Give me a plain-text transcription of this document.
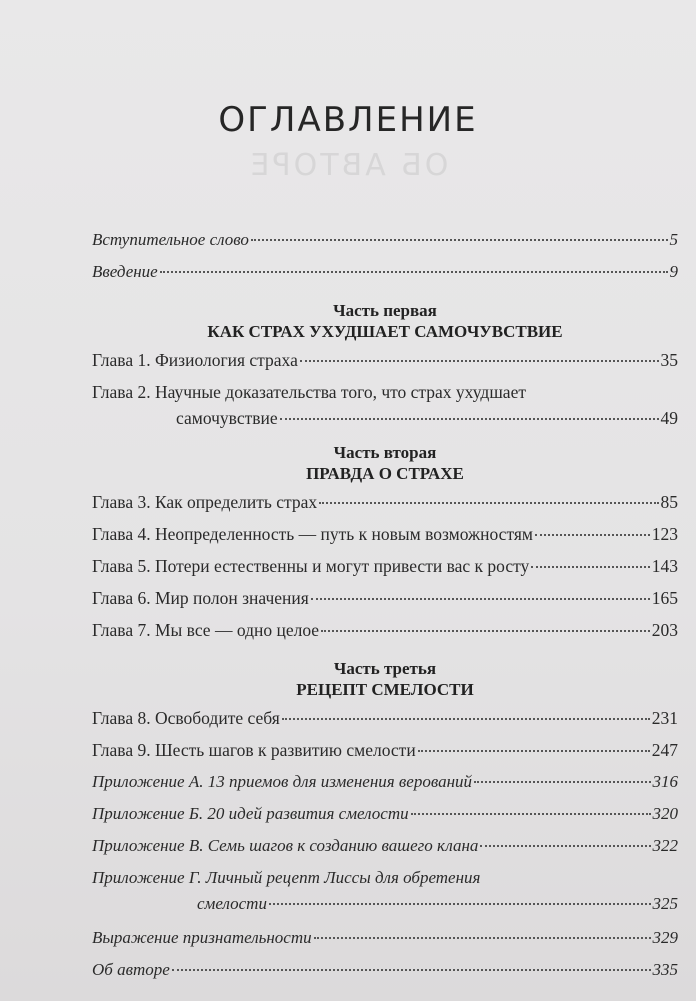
ОБ АВТОРЕ
ОГЛАВЛЕНИЕ
Вступительное слово	5
Введение	9
Часть первая
КАК СТРАХ УХУДШАЕТ САМОЧУВСТВИЕ
Глава 1. Физиология страха	35
Глава 2. Научные доказательства того, что страх ухудшает
самочувствие	49
Часть вторая
ПРАВДА О СТРАХЕ
Глава 3. Как определить страх	85
Глава 4. Неопределенность — путь к новым возможностям	123
Глава 5. Потери естественны и могут привести вас к росту	143
Глава 6. Мир полон значения	165
Глава 7. Мы все — одно целое	203
Часть третья
РЕЦЕПТ СМЕЛОСТИ
Глава 8. Освободите себя	231
Глава 9. Шесть шагов к развитию смелости	247
Приложение А. 13 приемов для изменения верований	316
Приложение Б. 20 идей развития смелости	320
Приложение В. Семь шагов к созданию вашего клана	322
Приложение Г. Личный рецепт Лиссы для обретения
смелости	325
Выражение признательности	329
Об авторе	335
